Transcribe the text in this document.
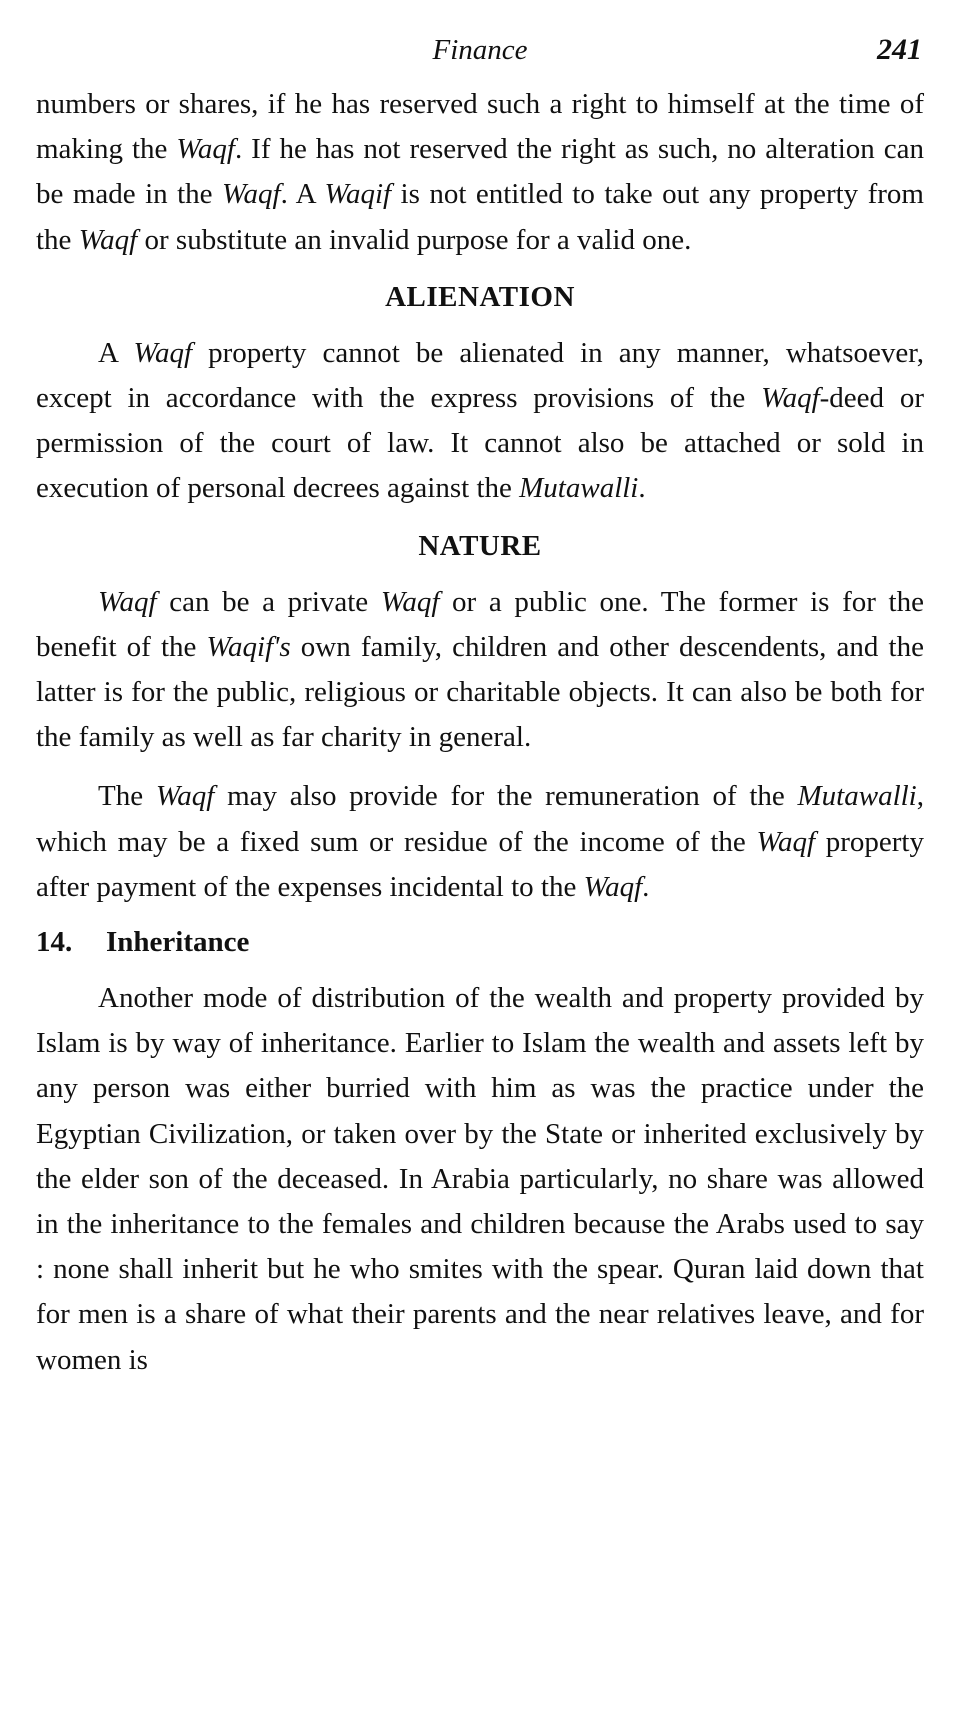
Finance	241

numbers or shares, if he has reserved such a right to himself at the time of making the Waqf. If he has not reserved the right as such, no alteration can be made in the Waqf. A Waqif is not entitled to take out any property from the Waqf or substitute an invalid purpose for a valid one.

ALIENATION

A Waqf property cannot be alienated in any manner, whatsoever, except in accordance with the express provisions of the Waqf-deed or permission of the court of law. It cannot also be attached or sold in execution of personal decrees against the Mutawalli.

NATURE

Waqf can be a private Waqf or a public one. The former is for the benefit of the Waqif's own family, children and other descendents, and the latter is for the public, religious or charitable objects. It can also be both for the family as well as far charity in general.

The Waqf may also provide for the remuneration of the Mutawalli, which may be a fixed sum or residue of the income of the Waqf property after payment of the expenses incidental to the Waqf.

14. Inheritance

Another mode of distribution of the wealth and property provided by Islam is by way of inheritance. Earlier to Islam the wealth and assets left by any person was either burried with him as was the practice under the Egyptian Civilization, or taken over by the State or inherited exclusively by the elder son of the deceased. In Arabia particularly, no share was allowed in the inheritance to the females and children because the Arabs used to say : none shall inherit but he who smites with the spear. Quran laid down that for men is a share of what their parents and the near relatives leave, and for women is
